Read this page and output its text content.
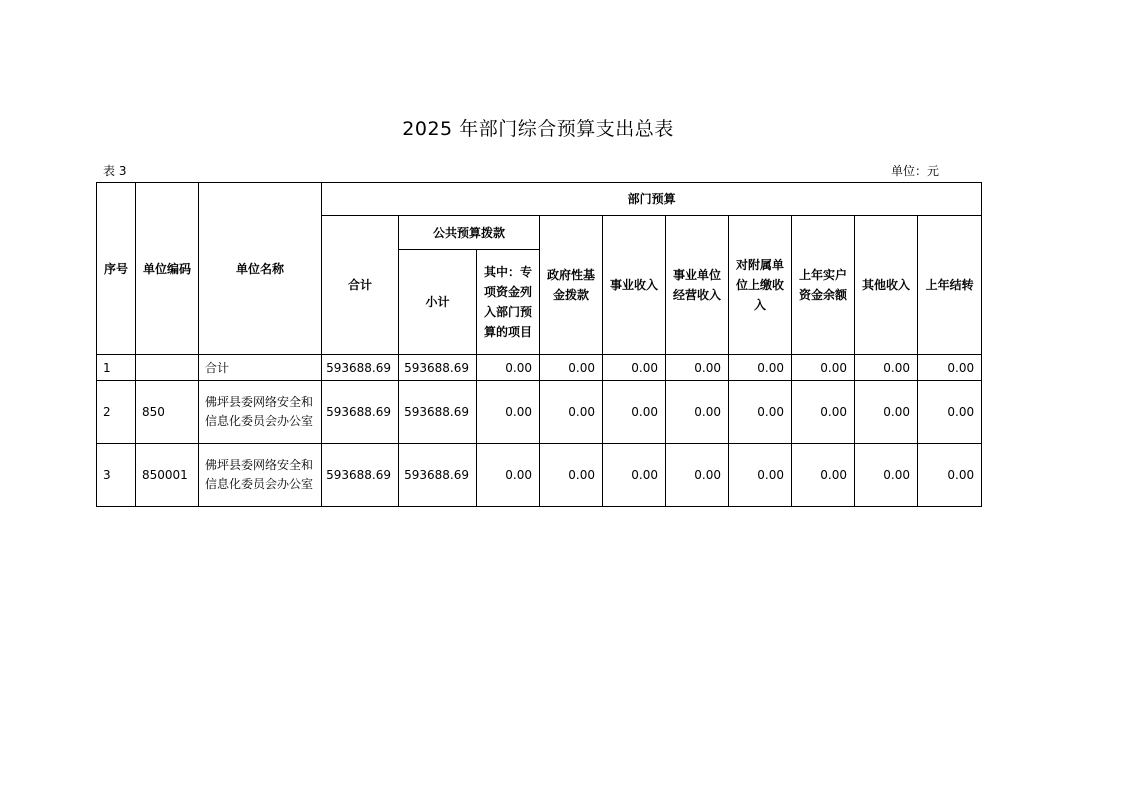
2025 年部门综合预算支出总表
表 3	单位：元
序号	单位编码	单位名称	部门预算									
			合计	公共预算拨款		政府性基金拨款	事业收入	事业单位经营收入	对附属单位上缴收入	上年实户资金余额	其他收入	上年结转
				小计	其中：专项资金列入部门预算的项目							
1		合计	593688.69	593688.69	0.00	0.00	0.00	0.00	0.00	0.00	0.00	0.00
2	850	佛坪县委网络安全和信息化委员会办公室	593688.69	593688.69	0.00	0.00	0.00	0.00	0.00	0.00	0.00	0.00
3	850001	佛坪县委网络安全和信息化委员会办公室	593688.69	593688.69	0.00	0.00	0.00	0.00	0.00	0.00	0.00	0.00
